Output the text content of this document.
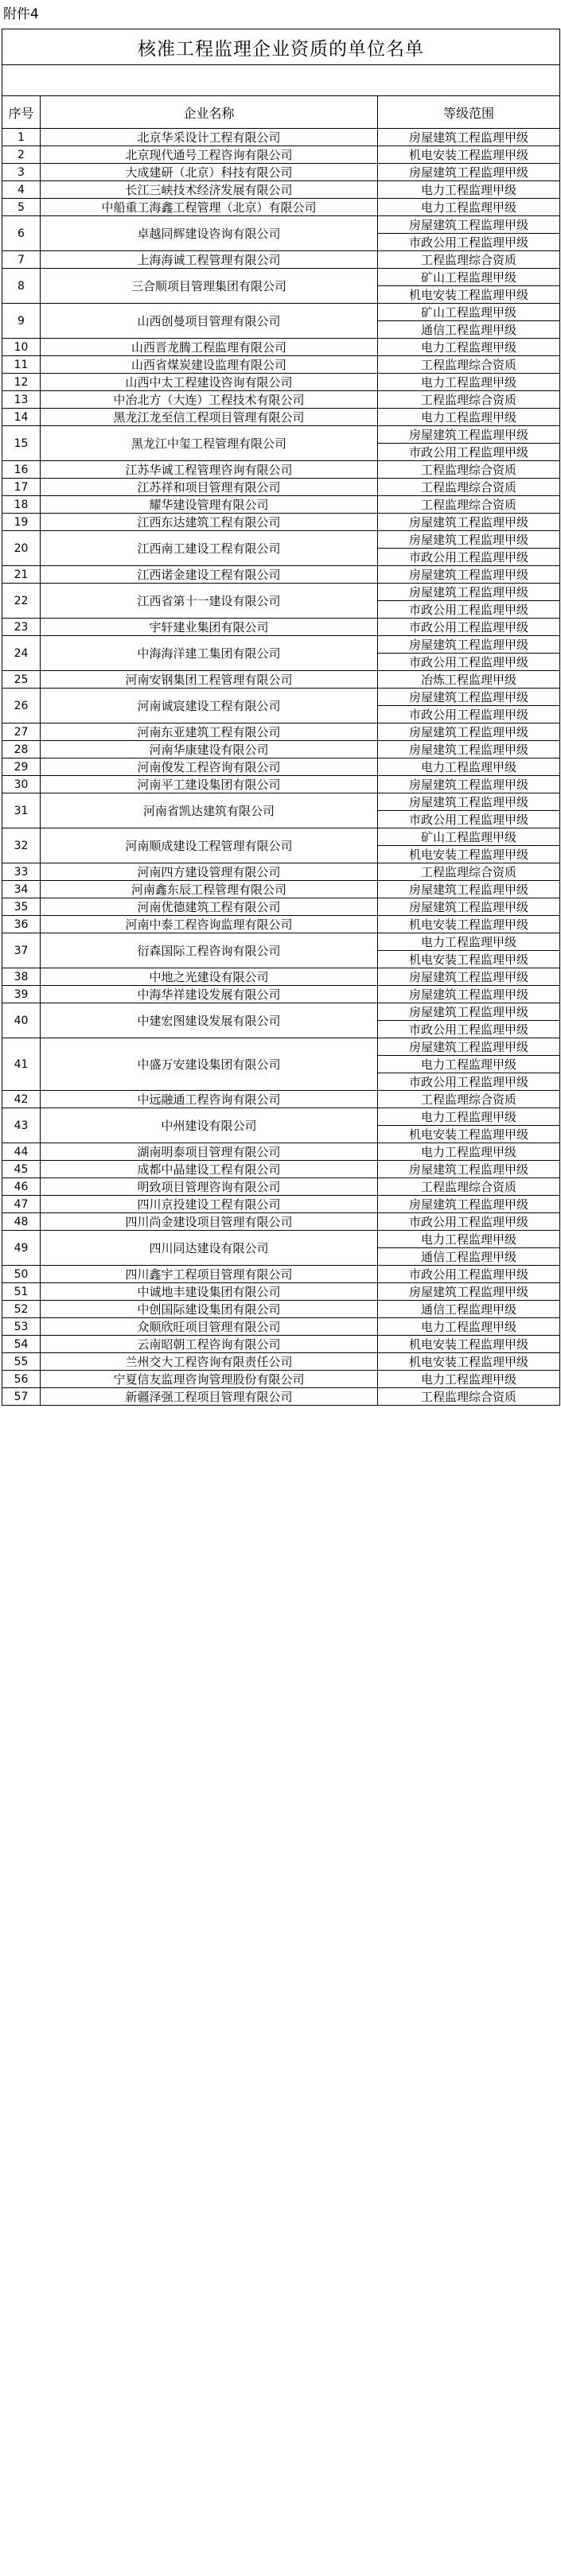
附件4
核准工程监理企业资质的单位名单		

序号	企业名称	等级范围
1	北京华采设计工程有限公司	房屋建筑工程监理甲级
2	北京现代通号工程咨询有限公司	机电安装工程监理甲级
3	大成建研（北京）科技有限公司	房屋建筑工程监理甲级
4	长江三峡技术经济发展有限公司	电力工程监理甲级
5	中船重工海鑫工程管理（北京）有限公司	电力工程监理甲级
6	卓越同辉建设咨询有限公司	房屋建筑工程监理甲级
		市政公用工程监理甲级
7	上海海诚工程管理有限公司	工程监理综合资质
8	三合顺项目管理集团有限公司	矿山工程监理甲级
		机电安装工程监理甲级
9	山西创曼项目管理有限公司	矿山工程监理甲级
		通信工程监理甲级
10	山西晋龙腾工程监理有限公司	电力工程监理甲级
11	山西省煤炭建设监理有限公司	工程监理综合资质
12	山西中太工程建设咨询有限公司	电力工程监理甲级
13	中冶北方（大连）工程技术有限公司	工程监理综合资质
14	黑龙江龙至信工程项目管理有限公司	电力工程监理甲级
15	黑龙江中玺工程管理有限公司	房屋建筑工程监理甲级
		市政公用工程监理甲级
16	江苏华诚工程管理咨询有限公司	工程监理综合资质
17	江苏祥和项目管理有限公司	工程监理综合资质
18	耀华建设管理有限公司	工程监理综合资质
19	江西东达建筑工程有限公司	房屋建筑工程监理甲级
20	江西南工建设工程有限公司	房屋建筑工程监理甲级
		市政公用工程监理甲级
21	江西诺金建设工程有限公司	房屋建筑工程监理甲级
22	江西省第十一建设有限公司	房屋建筑工程监理甲级
		市政公用工程监理甲级
23	宇轩建业集团有限公司	市政公用工程监理甲级
24	中海海洋建工集团有限公司	房屋建筑工程监理甲级
		市政公用工程监理甲级
25	河南安钢集团工程管理有限公司	冶炼工程监理甲级
26	河南诚宸建设工程有限公司	房屋建筑工程监理甲级
		市政公用工程监理甲级
27	河南东亚建筑工程有限公司	房屋建筑工程监理甲级
28	河南华康建设有限公司	房屋建筑工程监理甲级
29	河南俊发工程咨询有限公司	电力工程监理甲级
30	河南平工建设集团有限公司	房屋建筑工程监理甲级
31	河南省凯达建筑有限公司	房屋建筑工程监理甲级
		市政公用工程监理甲级
32	河南顺成建设工程管理有限公司	矿山工程监理甲级
		机电安装工程监理甲级
33	河南四方建设管理有限公司	工程监理综合资质
34	河南鑫东辰工程管理有限公司	房屋建筑工程监理甲级
35	河南优德建筑工程有限公司	房屋建筑工程监理甲级
36	河南中泰工程咨询监理有限公司	机电安装工程监理甲级
37	衍森国际工程咨询有限公司	电力工程监理甲级
		机电安装工程监理甲级
38	中地之光建设有限公司	房屋建筑工程监理甲级
39	中海华祥建设发展有限公司	房屋建筑工程监理甲级
40	中建宏图建设发展有限公司	房屋建筑工程监理甲级
		市政公用工程监理甲级
41	中盛万安建设集团有限公司	房屋建筑工程监理甲级
		电力工程监理甲级
		市政公用工程监理甲级
42	中远融通工程咨询有限公司	工程监理综合资质
43	中州建设有限公司	电力工程监理甲级
		机电安装工程监理甲级
44	湖南明泰项目管理有限公司	电力工程监理甲级
45	成都中晶建设工程有限公司	房屋建筑工程监理甲级
46	明致项目管理咨询有限公司	工程监理综合资质
47	四川京投建设工程有限公司	房屋建筑工程监理甲级
48	四川尚金建设项目管理有限公司	市政公用工程监理甲级
49	四川同达建设有限公司	电力工程监理甲级
		通信工程监理甲级
50	四川鑫宇工程项目管理有限公司	市政公用工程监理甲级
51	中诚地丰建设集团有限公司	房屋建筑工程监理甲级
52	中创国际建设集团有限公司	通信工程监理甲级
53	众顺欣旺项目管理有限公司	电力工程监理甲级
54	云南昭朝工程咨询有限公司	机电安装工程监理甲级
55	兰州交大工程咨询有限责任公司	机电安装工程监理甲级
56	宁夏信友监理咨询管理股份有限公司	电力工程监理甲级
57	新疆泽强工程项目管理有限公司	工程监理综合资质
